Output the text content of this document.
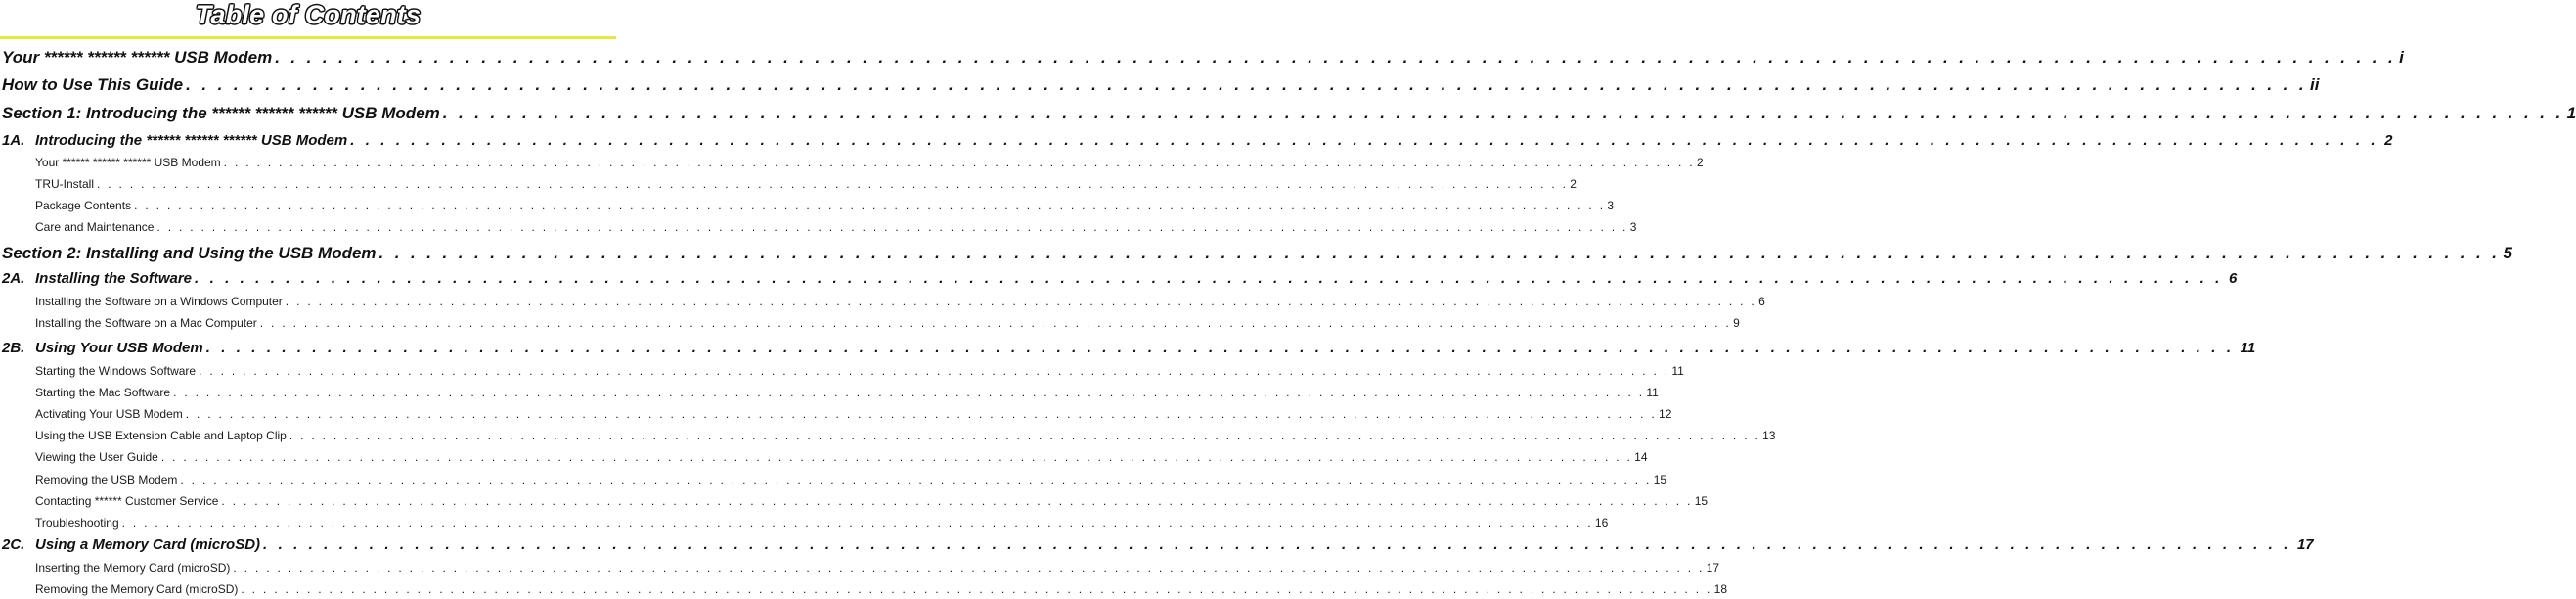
Table of Contents
Your ****** ****** ****** USB Modem . . . . . . . . . . . . . . . . . . . . . . . . . . . . . . . . . . . . . . . . . . . . . . . . . . . . . . . . . . . . . . . . . . . . . . . . . . . . . . . . . . . . . . . . . . . . . . . . . . . . . . . . . . . . . . . . . . . . . . . . . . . . . . . . . . . . . . i
How to Use This Guide . . . . . . . . . . . . . . . . . . . . . . . . . . . . . . . . . . . . . . . . . . . . . . . . . . . . . . . . . . . . . . . . . . . . . . . . . . . . . . . . . . . . . . . . . . . . . . . . . . . . . . . . . . . . . . . . . . . . . . . . . . . . . . . . . . . . . . ii
Section 1: Introducing the ****** ****** ****** USB Modem . . . . . . . . . . . . . . . . . . . . . . . . . . . . . . . . . . . . . . . . . . . . . . . . . . . . . . . . . . . . . . . . . . . . . . . . . . . . . . . . . . . . . . . . . . . . . . . . . . . . . . . . . . . . . . . . . . . . . . . . . . . . . . . . . . . . . . 1
1A. Introducing the ****** ****** ****** USB Modem . . . . . . . . . . . . . . . . . . . . . . . . . . . . . . . . . . . . . . . . . . . . . . . . . . . . . . . . . . . . . . . . . . . . . . . . . . . . . . . . . . . . . . . . . . . . . . . . . . . . . . . . . . . . . . . . . . . . . . . . . . . . . . . . . . . . . . 2
Your ****** ****** ****** USB Modem . . . . . . . . . . . . . . . . . . . . . . . . . . . . . . . . . . . . . . . . . . . . . . . . . . . . . . . . . . . . . . . . . . . . . . . . . . . . . . . . . . . . . . . . . . . . . . . . . . . . . . . . . . . . . . . . . . . . . . . . . . . . . . . . . . . . . . 2
TRU-Install . . . . . . . . . . . . . . . . . . . . . . . . . . . . . . . . . . . . . . . . . . . . . . . . . . . . . . . . . . . . . . . . . . . . . . . . . . . . . . . . . . . . . . . . . . . . . . . . . . . . . . . . . . . . . . . . . . . . . . . . . . . . . . . . . . . . . . 2
Package Contents . . . . . . . . . . . . . . . . . . . . . . . . . . . . . . . . . . . . . . . . . . . . . . . . . . . . . . . . . . . . . . . . . . . . . . . . . . . . . . . . . . . . . . . . . . . . . . . . . . . . . . . . . . . . . . . . . . . . . . . . . . . . . . . . . . . . . . 3
Care and Maintenance . . . . . . . . . . . . . . . . . . . . . . . . . . . . . . . . . . . . . . . . . . . . . . . . . . . . . . . . . . . . . . . . . . . . . . . . . . . . . . . . . . . . . . . . . . . . . . . . . . . . . . . . . . . . . . . . . . . . . . . . . . . . . . . . . . . . . . 3
Section 2: Installing and Using the USB Modem . . . . . . . . . . . . . . . . . . . . . . . . . . . . . . . . . . . . . . . . . . . . . . . . . . . . . . . . . . . . . . . . . . . . . . . . . . . . . . . . . . . . . . . . . . . . . . . . . . . . . . . . . . . . . . . . . . . . . . . . . . . . . . . . . . . . . . 5
2A. Installing the Software . . . . . . . . . . . . . . . . . . . . . . . . . . . . . . . . . . . . . . . . . . . . . . . . . . . . . . . . . . . . . . . . . . . . . . . . . . . . . . . . . . . . . . . . . . . . . . . . . . . . . . . . . . . . . . . . . . . . . . . . . . . . . . . . . . . . . . 6
Installing the Software on a Windows Computer . . . . . . . . . . . . . . . . . . . . . . . . . . . . . . . . . . . . . . . . . . . . . . . . . . . . . . . . . . . . . . . . . . . . . . . . . . . . . . . . . . . . . . . . . . . . . . . . . . . . . . . . . . . . . . . . . . . . . . . . . . . . . . . . . . . . . . 6
Installing the Software on a Mac Computer . . . . . . . . . . . . . . . . . . . . . . . . . . . . . . . . . . . . . . . . . . . . . . . . . . . . . . . . . . . . . . . . . . . . . . . . . . . . . . . . . . . . . . . . . . . . . . . . . . . . . . . . . . . . . . . . . . . . . . . . . . . . . . . . . . . . . . 9
2B. Using Your USB Modem . . . . . . . . . . . . . . . . . . . . . . . . . . . . . . . . . . . . . . . . . . . . . . . . . . . . . . . . . . . . . . . . . . . . . . . . . . . . . . . . . . . . . . . . . . . . . . . . . . . . . . . . . . . . . . . . . . . . . . . . . . . . . . . . . . . . . . 11
Starting the Windows Software . . . . . . . . . . . . . . . . . . . . . . . . . . . . . . . . . . . . . . . . . . . . . . . . . . . . . . . . . . . . . . . . . . . . . . . . . . . . . . . . . . . . . . . . . . . . . . . . . . . . . . . . . . . . . . . . . . . . . . . . . . . . . . . . . . . . . . 11
Starting the Mac Software . . . . . . . . . . . . . . . . . . . . . . . . . . . . . . . . . . . . . . . . . . . . . . . . . . . . . . . . . . . . . . . . . . . . . . . . . . . . . . . . . . . . . . . . . . . . . . . . . . . . . . . . . . . . . . . . . . . . . . . . . . . . . . . . . . . . . . 11
Activating Your USB Modem . . . . . . . . . . . . . . . . . . . . . . . . . . . . . . . . . . . . . . . . . . . . . . . . . . . . . . . . . . . . . . . . . . . . . . . . . . . . . . . . . . . . . . . . . . . . . . . . . . . . . . . . . . . . . . . . . . . . . . . . . . . . . . . . . . . . . . 12
Using the USB Extension Cable and Laptop Clip . . . . . . . . . . . . . . . . . . . . . . . . . . . . . . . . . . . . . . . . . . . . . . . . . . . . . . . . . . . . . . . . . . . . . . . . . . . . . . . . . . . . . . . . . . . . . . . . . . . . . . . . . . . . . . . . . . . . . . . . . . . . . . . . . . . . . . 13
Viewing the User Guide . . . . . . . . . . . . . . . . . . . . . . . . . . . . . . . . . . . . . . . . . . . . . . . . . . . . . . . . . . . . . . . . . . . . . . . . . . . . . . . . . . . . . . . . . . . . . . . . . . . . . . . . . . . . . . . . . . . . . . . . . . . . . . . . . . . . . . 14
Removing the USB Modem . . . . . . . . . . . . . . . . . . . . . . . . . . . . . . . . . . . . . . . . . . . . . . . . . . . . . . . . . . . . . . . . . . . . . . . . . . . . . . . . . . . . . . . . . . . . . . . . . . . . . . . . . . . . . . . . . . . . . . . . . . . . . . . . . . . . . . 15
Contacting ****** Customer Service . . . . . . . . . . . . . . . . . . . . . . . . . . . . . . . . . . . . . . . . . . . . . . . . . . . . . . . . . . . . . . . . . . . . . . . . . . . . . . . . . . . . . . . . . . . . . . . . . . . . . . . . . . . . . . . . . . . . . . . . . . . . . . . . . . . . . . 15
Troubleshooting . . . . . . . . . . . . . . . . . . . . . . . . . . . . . . . . . . . . . . . . . . . . . . . . . . . . . . . . . . . . . . . . . . . . . . . . . . . . . . . . . . . . . . . . . . . . . . . . . . . . . . . . . . . . . . . . . . . . . . . . . . . . . . . . . . . . . . 16
2C. Using a Memory Card (microSD) . . . . . . . . . . . . . . . . . . . . . . . . . . . . . . . . . . . . . . . . . . . . . . . . . . . . . . . . . . . . . . . . . . . . . . . . . . . . . . . . . . . . . . . . . . . . . . . . . . . . . . . . . . . . . . . . . . . . . . . . . . . . . . . . . . . . . . 17
Inserting the Memory Card (microSD) . . . . . . . . . . . . . . . . . . . . . . . . . . . . . . . . . . . . . . . . . . . . . . . . . . . . . . . . . . . . . . . . . . . . . . . . . . . . . . . . . . . . . . . . . . . . . . . . . . . . . . . . . . . . . . . . . . . . . . . . . . . . . . . . . . . . . . 17
Removing the Memory Card (microSD) . . . . . . . . . . . . . . . . . . . . . . . . . . . . . . . . . . . . . . . . . . . . . . . . . . . . . . . . . . . . . . . . . . . . . . . . . . . . . . . . . . . . . . . . . . . . . . . . . . . . . . . . . . . . . . . . . . . . . . . . . . . . . . . . . . . . . . 18
